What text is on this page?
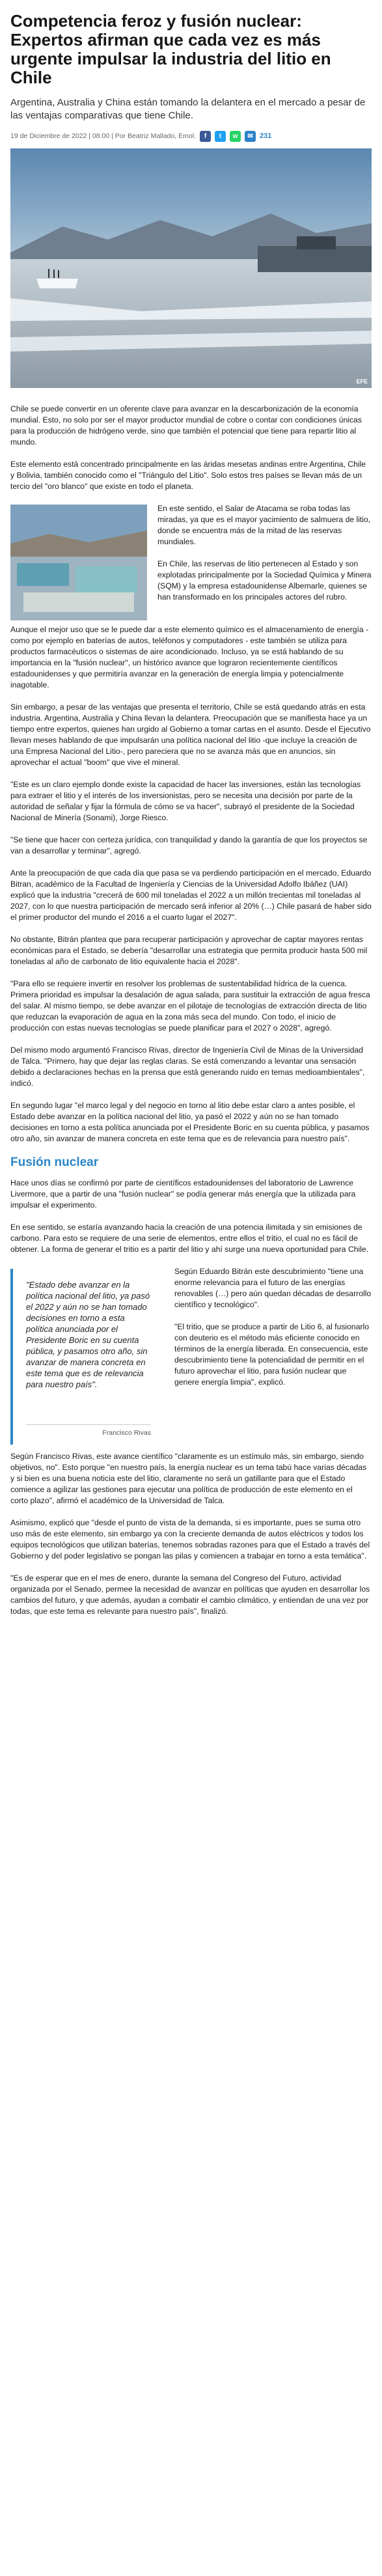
Competencia feroz y fusión nuclear: Expertos afirman que cada vez es más urgente impulsar la industria del litio en Chile
Argentina, Australia y China están tomando la delantera en el mercado a pesar de las ventajas comparativas que tiene Chile.
19 de Diciembre de 2022 | 08:00 | Por Beatriz Mallado, Emol.	f	t	w	✉ 231
EFE

Chile se puede convertir en un oferente clave para avanzar en la descarbonización de la economía mundial. Esto, no solo por ser el mayor productor mundial de cobre o contar con condiciones únicas para la producción de hidrógeno verde, sino que también el potencial que tiene para repartir litio al mundo.

Este elemento está concentrado principalmente en las áridas mesetas andinas entre Argentina, Chile y Bolivia, también conocido como el "Triángulo del Litio". Solo estos tres países se llevan más de un tercio del "oro blanco" que existe en todo el planeta.

En este sentido, el Salar de Atacama se roba todas las miradas, ya que es el mayor yacimiento de salmuera de litio, donde se encuentra más de la mitad de las reservas mundiales.

En Chile, las reservas de litio pertenecen al Estado y son explotadas principalmente por la Sociedad Química y Minera (SQM) y la empresa estadounidense Albemarle, quienes se han transformado en los principales actores del rubro.

Aunque el mejor uso que se le puede dar a este elemento químico es el almacenamiento de energía - como por ejemplo en baterías de autos, teléfonos y computadores - este también se utiliza para productos farmacéuticos o sistemas de aire acondicionado. Incluso, ya se está hablando de su importancia en la "fusión nuclear", un histórico avance que lograron recientemente científicos estadounidenses y que permitiría avanzar en la generación de energía limpia y potencialmente inagotable.

Sin embargo, a pesar de las ventajas que presenta el territorio, Chile se está quedando atrás en esta industria. Argentina, Australia y China llevan la delantera. Preocupación que se manifiesta hace ya un tiempo entre expertos, quienes han urgido al Gobierno a tomar cartas en el asunto. Desde el Ejecutivo llevan meses hablando de que impulsarán una política nacional del litio -que incluye la creación de una Empresa Nacional del Litio-, pero pareciera que no se avanza más que en anuncios, sin aprovechar el actual "boom" que vive el mineral.

"Este es un claro ejemplo donde existe la capacidad de hacer las inversiones, están las tecnologías para extraer el litio y el interés de los inversionistas, pero se necesita una decisión por parte de la autoridad de señalar y fijar la fórmula de cómo se va hacer", subrayó el presidente de la Sociedad Nacional de Minería (Sonami), Jorge Riesco.

"Se tiene que hacer con certeza jurídica, con tranquilidad y dando la garantía de que los proyectos se van a desarrollar y terminar", agregó.

Ante la preocupación de que cada día que pasa se va perdiendo participación en el mercado, Eduardo Bitran, académico de la Facultad de Ingeniería y Ciencias de la Universidad Adolfo Ibáñez (UAI) explicó que la industria "crecerá de 600 mil toneladas el 2022 a un millón trecientas mil toneladas al 2027, con lo que nuestra participación de mercado será inferior al 20% (…) Chile pasará de haber sido el primer productor del mundo el 2016 a el cuarto lugar el 2027".

No obstante, Bitrán plantea que para recuperar participación y aprovechar de captar mayores rentas económicas para el Estado, se debería "desarrollar una estrategia que permita producir hasta 500 mil toneladas al año de carbonato de litio equivalente hacia el 2028".

"Para ello se requiere invertir en resolver los problemas de sustentabilidad hídrica de la cuenca. Primera prioridad es impulsar la desalación de agua salada, para sustituir la extracción de agua fresca del salar. Al mismo tiempo, se debe avanzar en el pilotaje de tecnologías de extracción directa de litio que reduzcan la evaporación de agua en la zona más seca del mundo. Con todo, el inicio de producción con estas nuevas tecnologías se puede planificar para el 2027 o 2028", agregó.

Del mismo modo argumentó Francisco Rivas, director de Ingeniería Civil de Minas de la Universidad de Talca. "Primero, hay que dejar las reglas claras. Se está comenzando a levantar una sensación debido a declaraciones hechas en la prensa que está generando ruido en temas medioambientales", indicó.

En segundo lugar "el marco legal y del negocio en torno al litio debe estar claro a antes posible, el Estado debe avanzar en la política nacional del litio, ya pasó el 2022 y aún no se han tomado decisiones en torno a esta política anunciada por el Presidente Boric en su cuenta pública, y pasamos otro año, sin avanzar de manera concreta en este tema que es de relevancia para nuestro país".

Fusión nuclear

Hace unos días se confirmó por parte de científicos estadounidenses del laboratorio de Lawrence Livermore, que a partir de una "fusión nuclear" se podía generar más energía que la utilizada para impulsar el experimento.

En ese sentido, se estaría avanzando hacia la creación de una potencia ilimitada y sin emisiones de carbono. Para esto se requiere de una serie de elementos, entre ellos el tritio, el cual no es fácil de obtener. La forma de generar el tritio es a partir del litio y ahí surge una nueva oportunidad para Chile.

"Estado debe avanzar en la política nacional del litio, ya pasó el 2022 y aún no se han tomado decisiones en torno a esta política anunciada por el Presidente Boric en su cuenta pública, y pasamos otro año, sin avanzar de manera concreta en este tema que es de relevancia para nuestro país".
Francisco Rivas

Según Eduardo Bitrán este descubrimiento "tiene una enorme relevancia para el futuro de las energías renovables (…) pero aún quedan décadas de desarrollo científico y tecnológico".

"El tritio, que se produce a partir de Litio 6, al fusionarlo con deuterio es el método más eficiente conocido en términos de la energía liberada. En consecuencia, este descubrimiento tiene la potencialidad de permitir en el futuro aprovechar el litio, para fusión nuclear que genere energía limpia", explicó.

Según Francisco Rivas, este avance científico "claramente es un estímulo más, sin embargo, siendo objetivos, no". Esto porque "en nuestro país, la energía nuclear es un tema tabú hace varias décadas y si bien es una buena noticia este del litio, claramente no será un gatillante para que el Estado comience a agilizar las gestiones para ejecutar una política de producción de este elemento en el corto plazo", afirmó el académico de la Universidad de Talca.

Asimismo, explicó que "desde el punto de vista de la demanda, si es importante, pues se suma otro uso más de este elemento, sin embargo ya con la creciente demanda de autos eléctricos y todos los equipos tecnológicos que utilizan baterías, tenemos sobradas razones para que el Estado a través del Gobierno y del poder legislativo se pongan las pilas y comiencen a trabajar en torno a esta temática".

"Es de esperar que en el mes de enero, durante la semana del Congreso del Futuro, actividad organizada por el Senado, permee la necesidad de avanzar en políticas que ayuden en desarrollar los cambios del futuro, y que además, ayudan a combatir el cambio climático, y entiendan de una vez por todas, que este tema es relevante para nuestro país", finalizó.
